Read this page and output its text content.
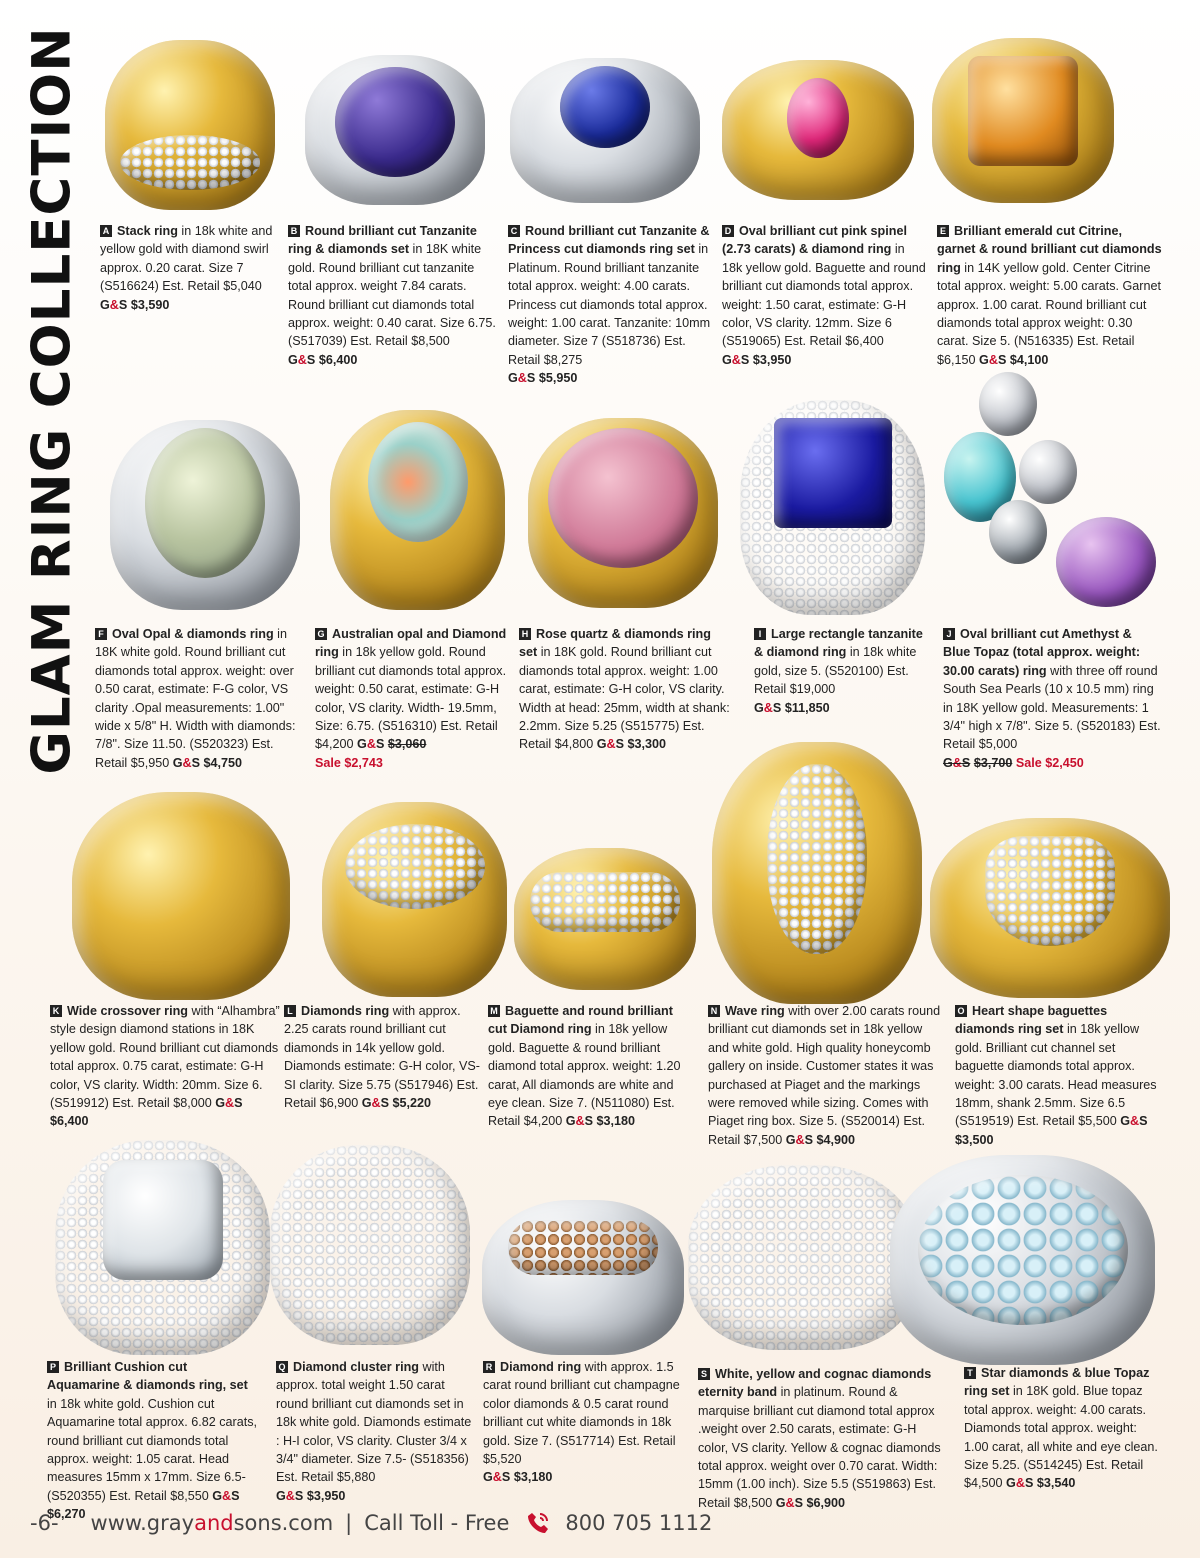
GLAM RING COLLECTION	A Stack ring in 18k white and yellow gold with diamond swirl approx. 0.20 carat. Size 7 (S516624) Est. Retail $5,040
G&S $3,590
B Round brilliant cut Tanzanite ring & diamonds set in 18K white gold. Round brilliant cut tanzanite total approx. weight 7.84 carats. Round brilliant cut diamonds total approx. weight: 0.40 carat. Size 6.75. (S517039) Est. Retail $8,500
G&S $6,400
C Round brilliant cut Tanzanite & Princess cut diamonds ring set in Platinum. Round brilliant tanzanite total approx. weight: 4.00 carats. Princess cut diamonds total approx. weight: 1.00 carat. Tanzanite: 10mm diameter. Size 7 (S518736) Est. Retail $8,275
G&S $5,950
D Oval brilliant cut pink spinel (2.73 carats) & diamond ring in 18k yellow gold. Baguette and round brilliant cut diamonds total approx. weight: 1.50 carat, estimate: G-H color, VS clarity. 12mm. Size 6 (S519065) Est. Retail $6,400
G&S $3,950
E Brilliant emerald cut Citrine, garnet & round brilliant cut diamonds ring in 14K yellow gold. Center Citrine total approx. weight: 5.00 carats. Garnet approx. 1.00 carat. Round brilliant cut diamonds total approx weight: 0.30 carat. Size 5. (N516335) Est. Retail $6,150 G&S $4,100
F Oval Opal & diamonds ring in 18K white gold. Round brilliant cut diamonds total approx. weight: over 0.50 carat, estimate: F-G color, VS clarity .Opal measurements: 1.00" wide x 5/8" H. Width with diamonds: 7/8". Size 11.50. (S520323) Est. Retail $5,950 G&S $4,750
G Australian opal and Diamond ring in 18k yellow gold. Round brilliant cut diamonds total approx. weight: 0.50 carat, estimate: G-H color, VS clarity. Width- 19.5mm, Size: 6.75. (S516310) Est. Retail $4,200 G&S $3,060
Sale $2,743
H Rose quartz & diamonds ring set in 18K gold. Round brilliant cut diamonds total approx. weight: 1.00 carat, estimate: G-H color, VS clarity. Width at head: 25mm, width at shank: 2.2mm. Size 5.25 (S515775) Est. Retail $4,800 G&S $3,300
I Large rectangle tanzanite & diamond ring in 18k white gold, size 5. (S520100) Est. Retail $19,000
G&S $11,850
J Oval brilliant cut Amethyst & Blue Topaz (total approx. weight: 30.00 carats) ring with three off round South Sea Pearls (10 x 10.5 mm) ring in 18K yellow gold. Measurements: 1 3/4" high x 7/8". Size 5. (S520183) Est. Retail $5,000
G&S $3,700 Sale $2,450
K Wide crossover ring with “Alhambra” style design diamond stations in 18K yellow gold. Round brilliant cut diamonds total approx. 0.75 carat, estimate: G-H color, VS clarity. Width: 20mm. Size 6. (S519912) Est. Retail $8,000 G&S $6,400
L Diamonds ring with approx. 2.25 carats round brilliant cut diamonds in 14k yellow gold. Diamonds estimate: G-H color, VS-SI clarity. Size 5.75 (S517946) Est. Retail $6,900 G&S $5,220
M Baguette and round brilliant cut Diamond ring in 18k yellow gold. Baguette & round brilliant diamond total approx. weight: 1.20 carat, All diamonds are white and eye clean. Size 7. (N511080) Est. Retail $4,200 G&S $3,180
N Wave ring with over 2.00 carats round brilliant cut diamonds set in 18k yellow and white gold. High quality honeycomb gallery on inside. Customer states it was purchased at Piaget and the markings were removed while sizing. Comes with Piaget ring box. Size 5. (S520014) Est. Retail $7,500 G&S $4,900
O Heart shape baguettes diamonds ring set in 18k yellow gold. Brilliant cut channel set baguette diamonds total approx. weight: 3.00 carats. Head measures 18mm, shank 2.5mm. Size 6.5 (S519519) Est. Retail $5,500 G&S $3,500
P Brilliant Cushion cut Aquamarine & diamonds ring, set in 18k white gold. Cushion cut Aquamarine total approx. 6.82 carats, round brilliant cut diamonds total approx. weight: 1.05 carat. Head measures 15mm x 17mm. Size 6.5- (S520355) Est. Retail $8,550 G&S $6,270
Q Diamond cluster ring with approx. total weight 1.50 carat round brilliant cut diamonds set in 18k white gold. Diamonds estimate : H-I color, VS clarity. Cluster 3/4 x 3/4" diameter. Size 7.5- (S518356) Est. Retail $5,880
G&S $3,950
R Diamond ring with approx. 1.5 carat round brilliant cut champagne color diamonds & 0.5 carat round brilliant cut white diamonds in 18k gold. Size 7. (S517714) Est. Retail $5,520
G&S $3,180
S White, yellow and cognac diamonds eternity band in platinum. Round & marquise brilliant cut diamond total approx .weight over 2.50 carats, estimate: G-H color, VS clarity. Yellow & cognac diamonds total approx. weight over 0.70 carat. Width: 15mm (1.00 inch). Size 5.5 (S519863) Est. Retail $8,500 G&S $6,900
T Star diamonds & blue Topaz ring set in 18K gold. Blue topaz total approx. weight: 4.00 carats. Diamonds total approx. weight: 1.00 carat, all white and eye clean. Size 5.25. (S514245) Est. Retail $4,500 G&S $3,540
-6- www.grayandsons.com | Call Toll - Free	800 705 1112
